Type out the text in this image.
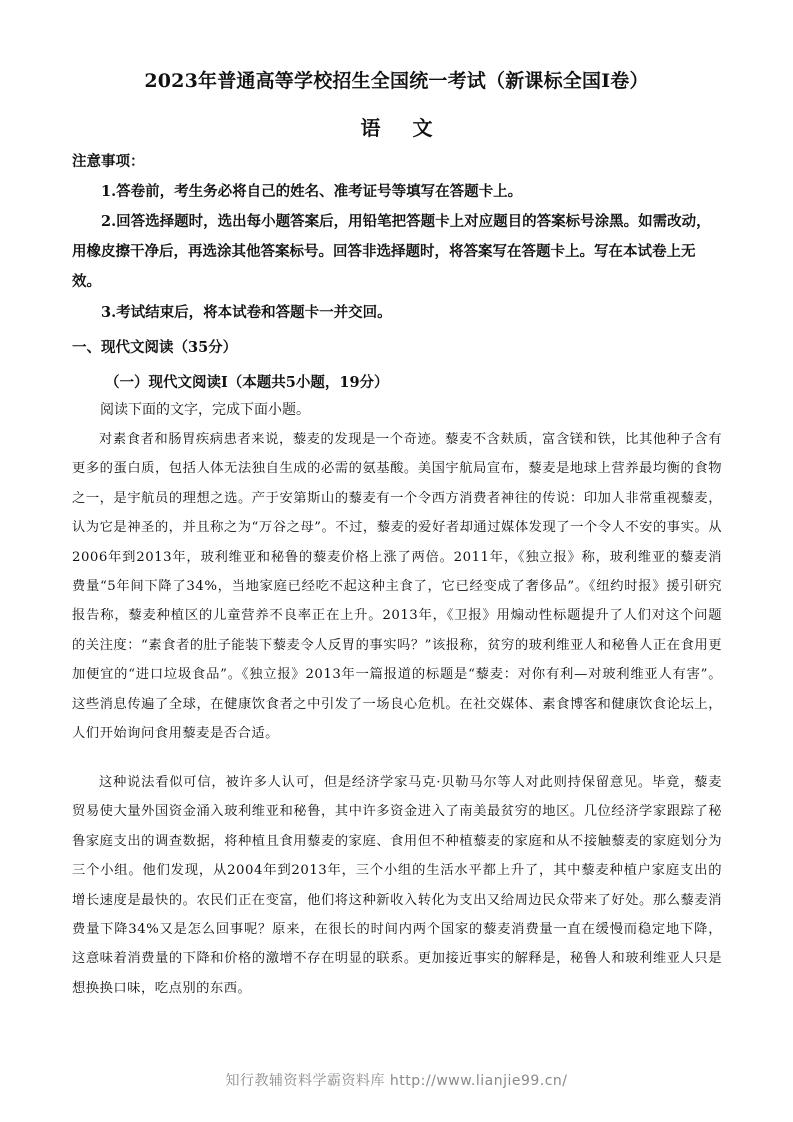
2023年普通高等学校招生全国统一考试（新课标全国Ⅰ卷）
语文
注意事项：
1.答卷前，考生务必将自己的姓名、准考证号等填写在答题卡上。
2.回答选择题时，选出每小题答案后，用铅笔把答题卡上对应题目的答案标号涂黑。如需改动，用橡皮擦干净后，再选涂其他答案标号。回答非选择题时，将答案写在答题卡上。写在本试卷上无效。
3.考试结束后，将本试卷和答题卡一并交回。
一、现代文阅读（35分）
（一）现代文阅读Ⅰ（本题共5小题，19分）
阅读下面的文字，完成下面小题。
对素食者和肠胃疾病患者来说，藜麦的发现是一个奇迹。藜麦不含麸质，富含镁和铁，比其他种子含有更多的蛋白质，包括人体无法独自生成的必需的氨基酸。美国宇航局宣布，藜麦是地球上营养最均衡的食物之一，是宇航员的理想之选。产于安第斯山的藜麦有一个令西方消费者神往的传说：印加人非常重视藜麦，认为它是神圣的，并且称之为“万谷之母”。不过，藜麦的爱好者却通过媒体发现了一个令人不安的事实。从2006年到2013年，玻利维亚和秘鲁的藜麦价格上涨了两倍。2011年，《独立报》称，玻利维亚的藜麦消费量“5年间下降了34%，当地家庭已经吃不起这种主食了，它已经变成了奢侈品”。《纽约时报》援引研究报告称，藜麦种植区的儿童营养不良率正在上升。2013年，《卫报》用煽动性标题提升了人们对这个问题的关注度：“素食者的肚子能装下藜麦令人反胃的事实吗？”该报称，贫穷的玻利维亚人和秘鲁人正在食用更加便宜的“进口垃圾食品”。《独立报》2013年一篇报道的标题是“藜麦：对你有利—对玻利维亚人有害”。这些消息传遍了全球，在健康饮食者之中引发了一场良心危机。在社交媒体、素食博客和健康饮食论坛上，人们开始询问食用藜麦是否合适。
这种说法看似可信，被许多人认可，但是经济学家马克·贝勒马尔等人对此则持保留意见。毕竟，藜麦贸易使大量外国资金涌入玻利维亚和秘鲁，其中许多资金进入了南美最贫穷的地区。几位经济学家跟踪了秘鲁家庭支出的调查数据，将种植且食用藜麦的家庭、食用但不种植藜麦的家庭和从不接触藜麦的家庭划分为三个小组。他们发现，从2004年到2013年，三个小组的生活水平都上升了，其中藜麦种植户家庭支出的增长速度是最快的。农民们正在变富，他们将这种新收入转化为支出又给周边民众带来了好处。那么藜麦消费量下降34%又是怎么回事呢？原来，在很长的时间内两个国家的藜麦消费量一直在缓慢而稳定地下降，这意味着消费量的下降和价格的激增不存在明显的联系。更加接近事实的解释是，秘鲁人和玻利维亚人只是想换换口味，吃点别的东西。
知行教辅资料学霸资料库 http://www.lianjie99.cn/
